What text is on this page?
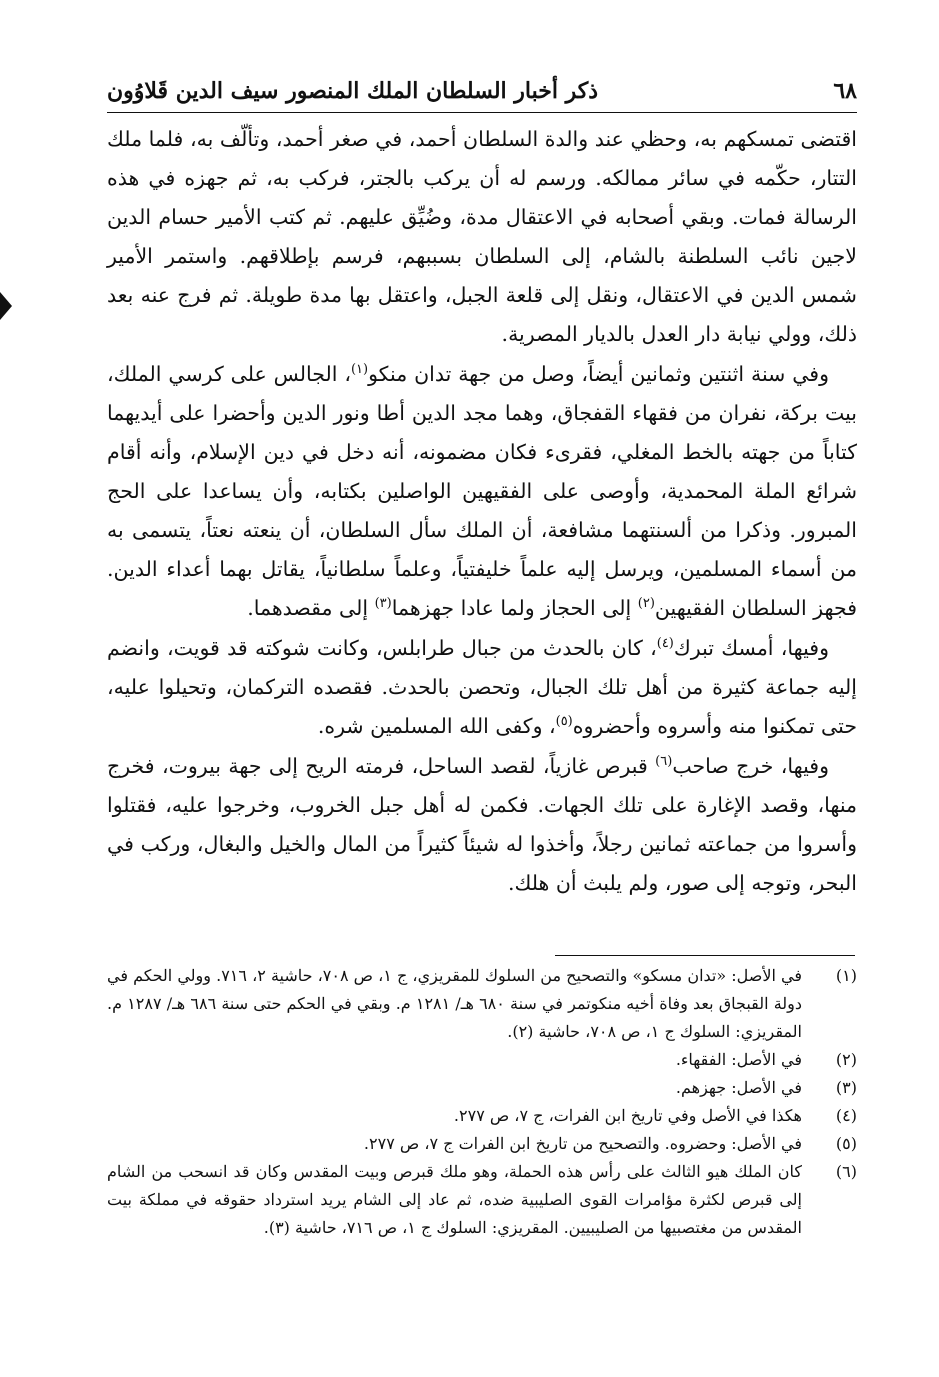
٦٨
ذكر أخبار السلطان الملك المنصور سيف الدين قَلاوُون

اقتضى تمسكهم به، وحظي عند والدة السلطان أحمد، في صغر أحمد، وتألّف به، فلما ملك التتار، حكّمه في سائر ممالكه. ورسم له أن يركب بالجتر، فركب به، ثم جهزه في هذه الرسالة فمات. وبقي أصحابه في الاعتقال مدة، وضُيِّق عليهم. ثم كتب الأمير حسام الدين لاجين نائب السلطنة بالشام، إلى السلطان بسببهم، فرسم بإطلاقهم. واستمر الأمير شمس الدين في الاعتقال، ونقل إلى قلعة الجبل، واعتقل بها مدة طويلة. ثم فرج عنه بعد ذلك، وولي نيابة دار العدل بالديار المصرية.

وفي سنة اثنتين وثمانين أيضاً، وصل من جهة تدان منكو$^{(١)}$، الجالس على كرسي الملك، بيت بركة، نفران من فقهاء القفجاق، وهما مجد الدين أطا ونور الدين وأحضرا على أيديهما كتاباً من جهته بالخط المغلي، فقرىء فكان مضمونه، أنه دخل في دين الإسلام، وأنه أقام شرائع الملة المحمدية، وأوصى على الفقيهين الواصلين بكتابه، وأن يساعدا على الحج المبرور. وذكرا من ألسنتهما مشافعة، أن الملك سأل السلطان، أن ينعته نعتاً، يتسمى به من أسماء المسلمين، ويرسل إليه علماً خليفتياً، وعلماً سلطانياً، يقاتل بهما أعداء الدين. فجهز السلطان الفقيهين$^{(٢)}$ إلى الحجاز ولما عادا جهزهما$^{(٣)}$ إلى مقصدهما.

وفيها، أمسك تبرك$^{(٤)}$، كان بالحدث من جبال طرابلس، وكانت شوكته قد قويت، وانضم إليه جماعة كثيرة من أهل تلك الجبال، وتحصن بالحدث. فقصده التركمان، وتحيلوا عليه، حتى تمكنوا منه وأسروه وأحضروه$^{(٥)}$، وكفى الله المسلمين شره.

وفيها، خرج صاحب$^{(٦)}$ قبرص غازياً، لقصد الساحل، فرمته الريح إلى جهة بيروت، فخرج منها، وقصد الإغارة على تلك الجهات. فكمن له أهل جبل الخروب، وخرجوا عليه، فقتلوا وأسروا من جماعته ثمانين رجلاً، وأخذوا له شيئاً كثيراً من المال والخيل والبغال، وركب في البحر، وتوجه إلى صور، ولم يلبث أن هلك.

(١)
في الأصل: «تدان مسكو» والتصحيح من السلوك للمقريزي، ج ١، ص ٧٠٨، حاشية ٢، ٧١٦. وولي الحكم في دولة القبجاق بعد وفاة أخيه منكوتمر في سنة ٦٨٠ هـ/ ١٢٨١ م. وبقي في الحكم حتى سنة ٦٨٦ هـ/ ١٢٨٧ م. المقريزي: السلوك ج ١، ص ٧٠٨، حاشية (٢).
(٢)
في الأصل: الفقهاء.
(٣)
في الأصل: جهزهم.
(٤)
هكذا في الأصل وفي تاريخ ابن الفرات، ج ٧، ص ٢٧٧.
(٥)
في الأصل: وحضروه. والتصحيح من تاريخ ابن الفرات ج ٧، ص ٢٧٧.
(٦)
كان الملك هيو الثالث على رأس هذه الحملة، وهو ملك قبرص وبيت المقدس وكان قد انسحب من الشام إلى قبرص لكثرة مؤامرات القوى الصليبية ضده، ثم عاد إلى الشام يريد استرداد حقوقه في مملكة بيت المقدس من مغتصبيها من الصليبيين. المقريزي: السلوك ج ١، ص ٧١٦، حاشية (٣).
